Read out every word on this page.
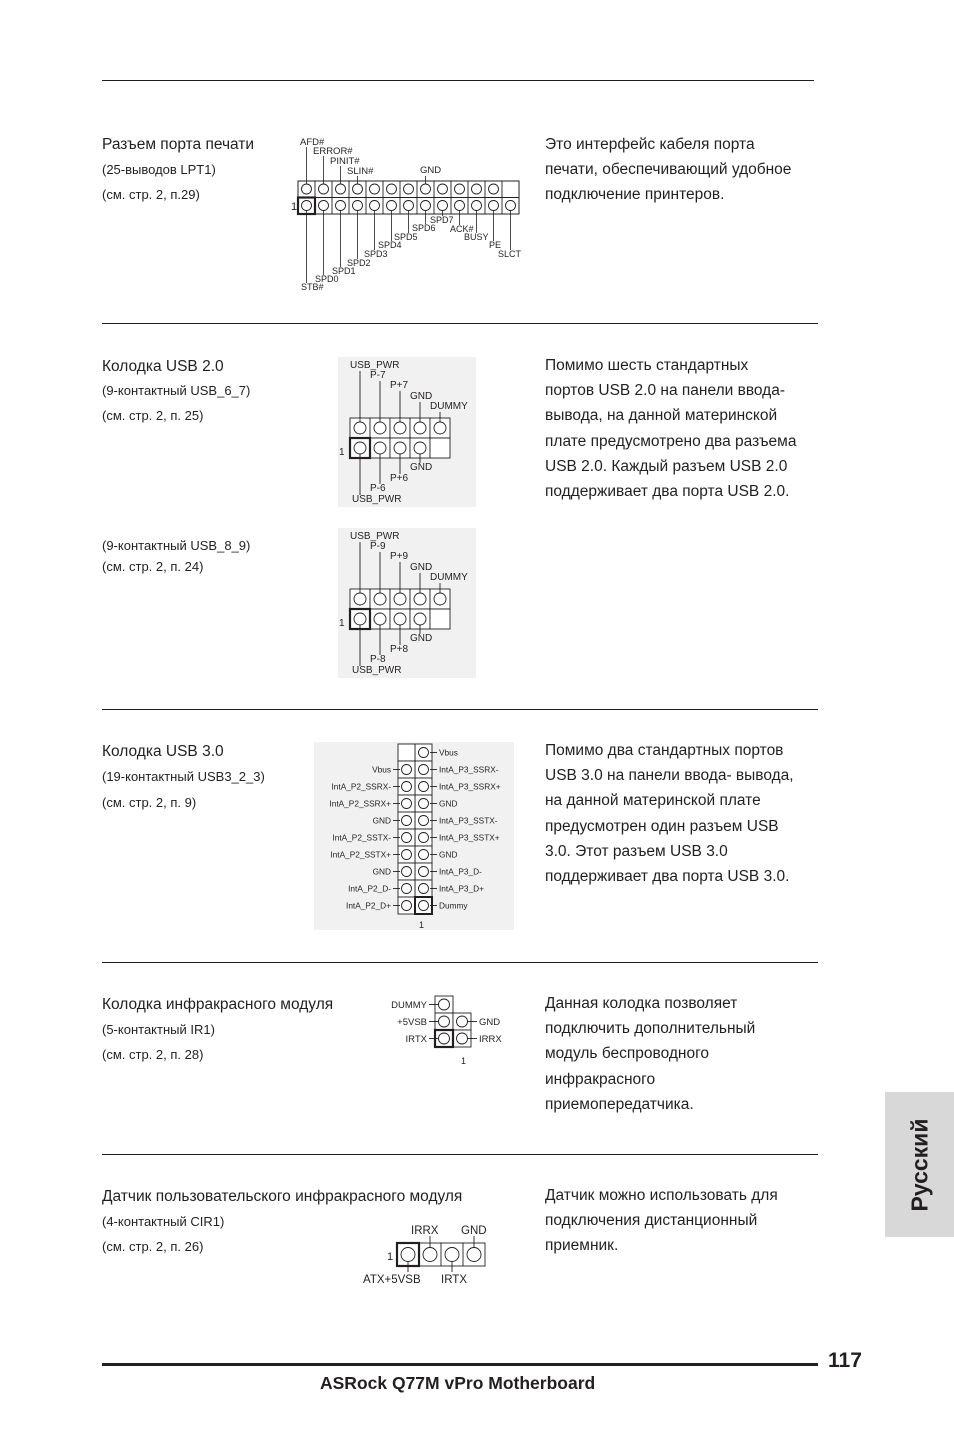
Разъем порта печати
(25-выводов LPT1)
(см. стр. 2, п.29)
Это интерфейс кабеля порта
печати, обеспечивающий удобное
подключение принтеров.
1
AFD#
ERROR#
PINIT#
SLIN#	GND
SPD7
SPD6 ACK#
SPD5	BUSY
SPD4	PE
SPD3	SLCT
SPD2
SPD1
SPD0
STB#
Колодка USB 2.0
(9-контактный USB_6_7)
(см. стр. 2, п. 25)
Помимо шесть стандартных
портов USB 2.0 на панели ввода-
вывода, на данной материнской
плате предусмотрено два разъема
USB 2.0. Каждый разъем USB 2.0
поддерживает два порта USB 2.0.
USB_PWR
P-7
P+7
GND
DUMMY
1
GND
P+6
P-6
USB_PWR
(9-контактный USB_8_9)
(см. стр. 2, п. 24)
USB_PWR
P-9
P+9
GND
DUMMY
1
GND
P+8
P-8
USB_PWR
Колодка USB 3.0
(19-контактный USB3_2_3)
(см. стр. 2, п. 9)
Помимо два стандартных портов
USB 3.0 на панели ввода- вывода,
на данной материнской плате
предусмотрен один разъем USB
3.0. Этот разъем USB 3.0
поддерживает два порта USB 3.0.
Vbus
IntA_P2_SSRX-
IntA_P2_SSRX+
GND
IntA_P2_SSTX-
IntA_P2_SSTX+
GND
IntA_P2_D-
IntA_P2_D+
Vbus
IntA_P3_SSRX-
IntA_P3_SSRX+
GND
IntA_P3_SSTX-
IntA_P3_SSTX+
GND
IntA_P3_D-
IntA_P3_D+
Dummy
1
Колодка инфракрасного модуля
(5-контактный IR1)
(см. стр. 2, п. 28)
Данная колодка позволяет
подключить дополнительный
модуль беспроводного
инфракрасного
приемопередатчика.
DUMMY
+5VSB
IRTX
GND
IRRX
1
Датчик пользовательского инфракрасного модуля
(4-контактный CIR1)
(см. стр. 2, п. 26)
Датчик можно использовать для
подключения дистанционный
приемник.
IRRX GND
1
ATX+5VSB IRTX
Русский
117
ASRock Q77M vPro Motherboard
